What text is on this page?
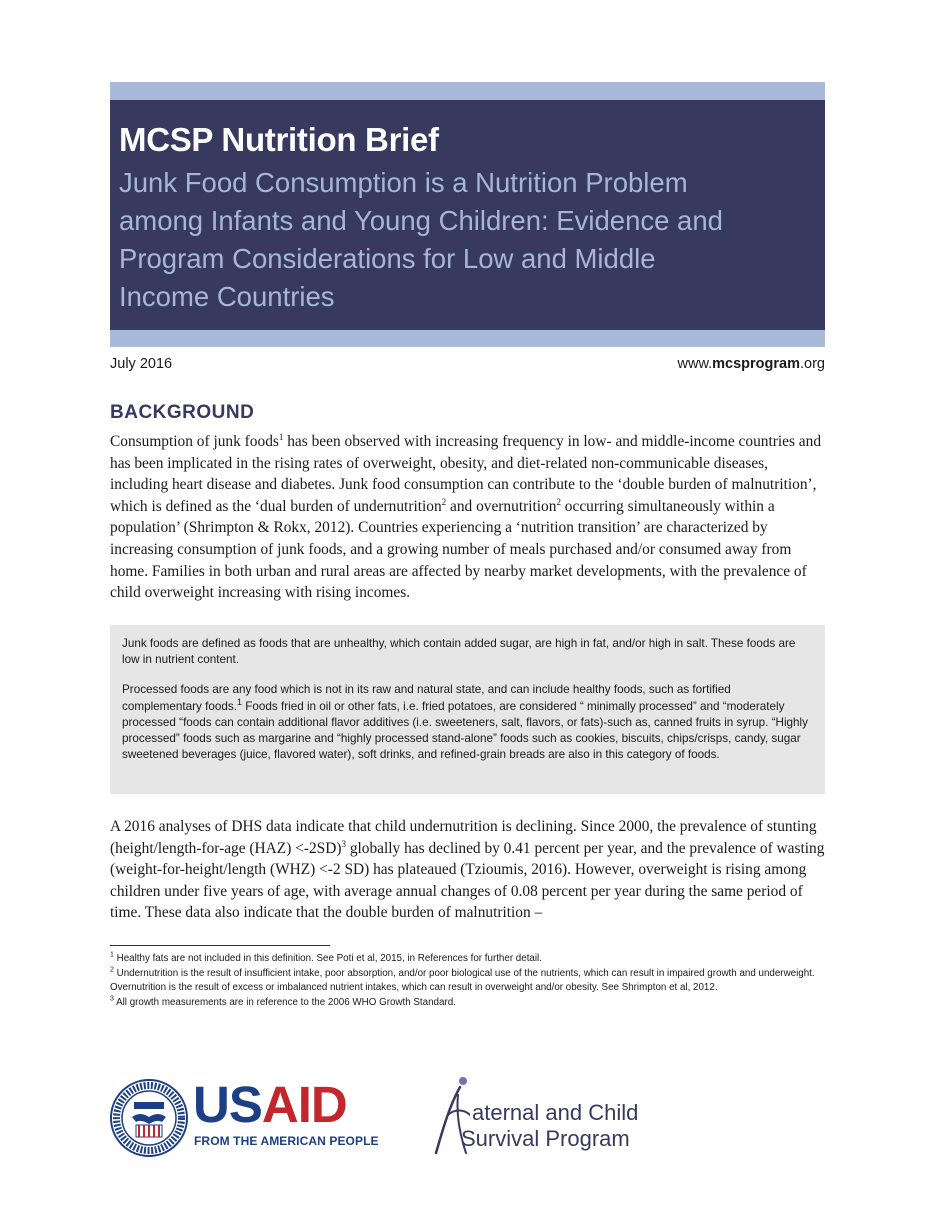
MCSP Nutrition Brief
Junk Food Consumption is a Nutrition Problem
among Infants and Young Children: Evidence and
Program Considerations for Low and Middle
Income Countries
July 2016	www.mcsprogram.org
BACKGROUND

Consumption of junk foods$^1$ has been observed with increasing frequency in low- and middle-income countries and has been implicated in the rising rates of overweight, obesity, and diet-related non-communicable diseases, including heart disease and diabetes. Junk food consumption can contribute to the ‘double burden of malnutrition’, which is defined as the ‘dual burden of undernutrition$^2$ and overnutrition$^2$ occurring simultaneously within a population’ (Shrimpton & Rokx, 2012). Countries experiencing a ‘nutrition transition’ are characterized by increasing consumption of junk foods, and a growing number of meals purchased and/or consumed away from home. Families in both urban and rural areas are affected by nearby market developments, with the prevalence of child overweight increasing with rising incomes.

Junk foods are defined as foods that are unhealthy, which contain added sugar, are high in fat, and/or high in salt. These foods are low in nutrient content.

Processed foods are any food which is not in its raw and natural state, and can include healthy foods, such as fortified complementary foods.$^1$ Foods fried in oil or other fats, i.e. fried potatoes, are considered “ minimally processed” and “moderately processed “foods can contain additional flavor additives (i.e. sweeteners, salt, flavors, or fats)-such as, canned fruits in syrup. “Highly processed” foods such as margarine and “highly processed stand-alone” foods such as cookies, biscuits, chips/crisps, candy, sugar sweetened beverages (juice, flavored water), soft drinks, and refined-grain breads are also in this category of foods.

A 2016 analyses of DHS data indicate that child undernutrition is declining. Since 2000, the prevalence of stunting (height/length-for-age (HAZ) <-2SD)$^3$ globally has declined by 0.41 percent per year, and the prevalence of wasting (weight-for-height/length (WHZ) <-2 SD) has plateaued (Tzioumis, 2016). However, overweight is rising among children under five years of age, with average annual changes of 0.08 percent per year during the same period of time. These data also indicate that the double burden of malnutrition –

$^1$ Healthy fats are not included in this definition. See Poti et al, 2015, in References for further detail.

$^2$ Undernutrition is the result of insufficient intake, poor absorption, and/or poor biological use of the nutrients, which can result in impaired growth and underweight. Overnutrition is the result of excess or imbalanced nutrient intakes, which can result in overweight and/or obesity. See Shrimpton et al, 2012.

$^3$ All growth measurements are in reference to the 2006 WHO Growth Standard.

USAID
FROM THE AMERICAN PEOPLE
aternal and Child
Survival Program
